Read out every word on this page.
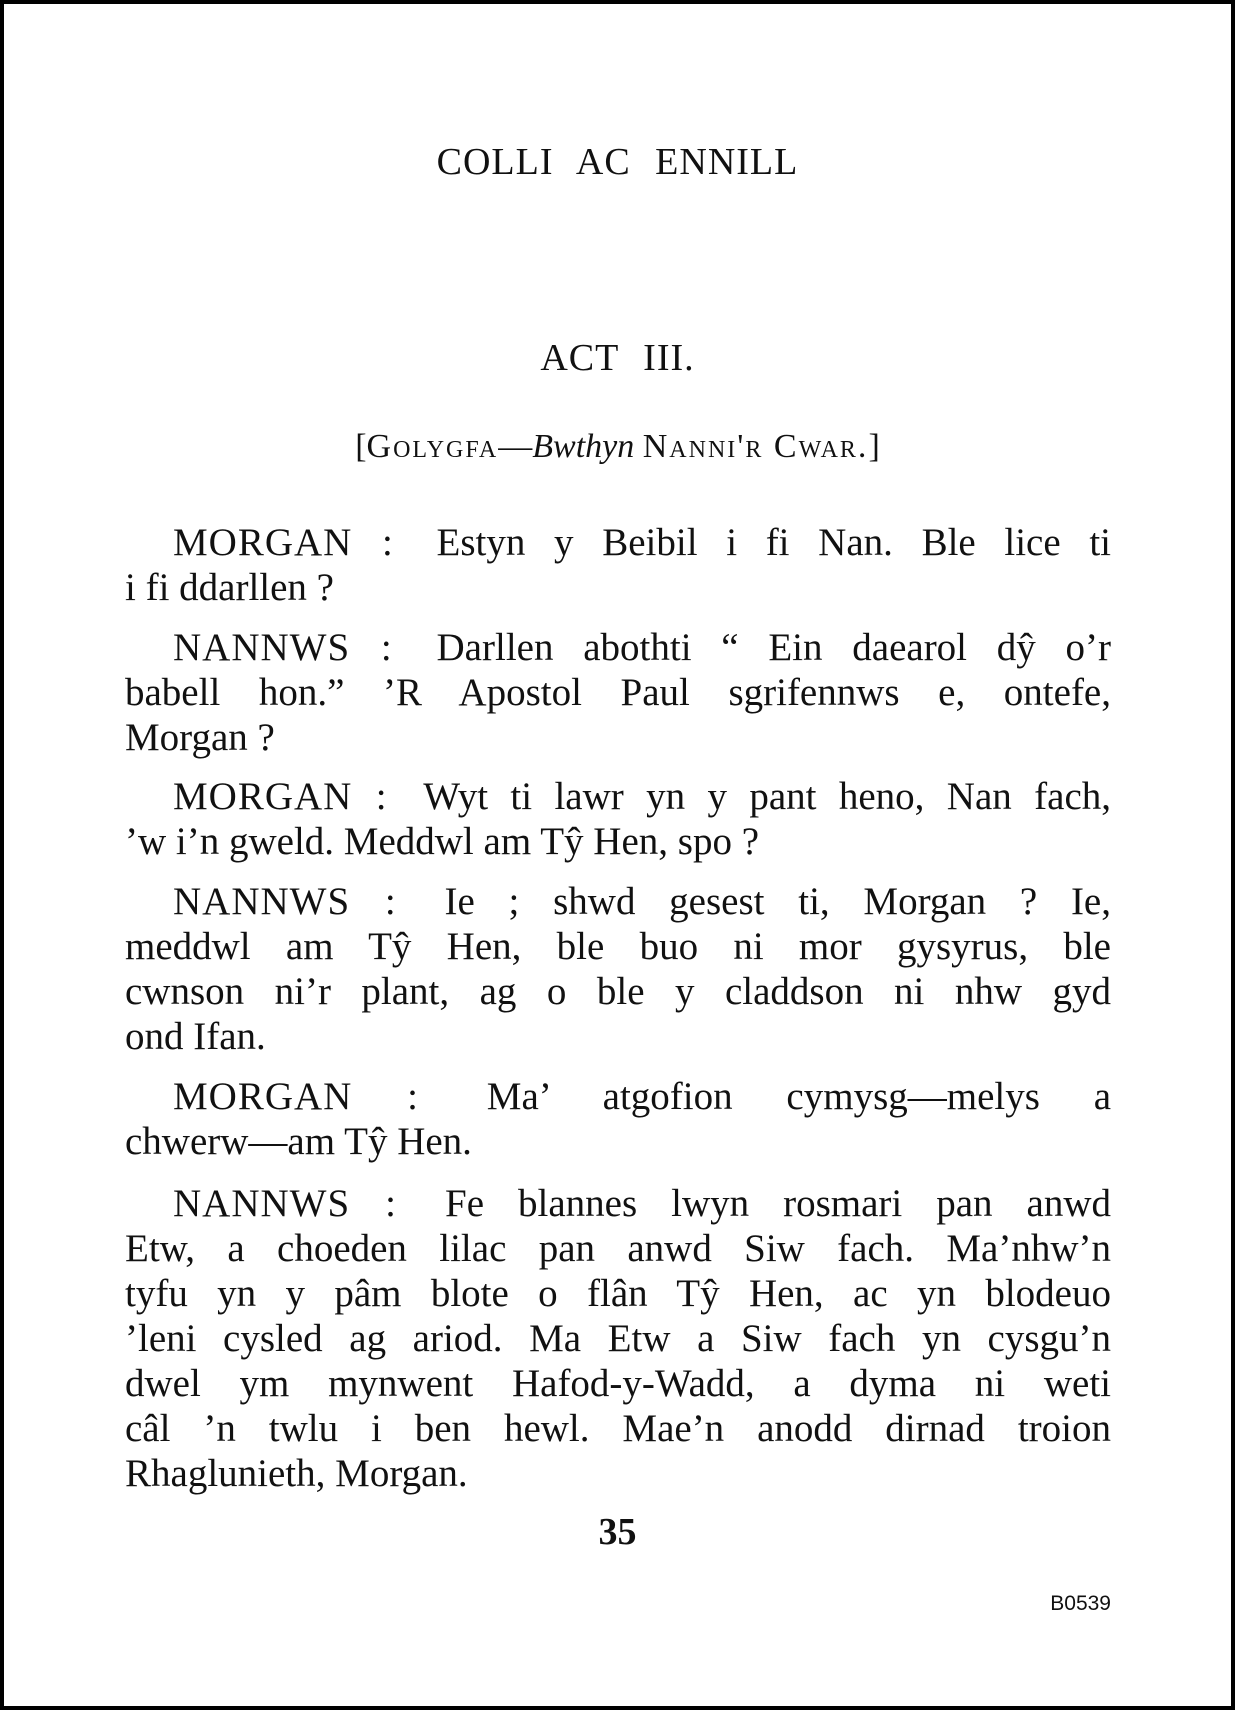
COLLI AC ENNILL
ACT III.
[Golygfa—Bwthyn Nanni'r Cwar.]
MORGAN : Estyn y Beibil i fi Nan. Ble lice ti
i fi ddarllen ?
NANNWS : Darllen abothti “ Ein daearol dŷ o’r
babell hon.” ’R Apostol Paul sgrifennws e, ontefe,
Morgan ?
MORGAN : Wyt ti lawr yn y pant heno, Nan fach,
’w i’n gweld. Meddwl am Tŷ Hen, spo ?
NANNWS : Ie ; shwd gesest ti, Morgan ? Ie,
meddwl am Tŷ Hen, ble buo ni mor gysyrus, ble
cwnson ni’r plant, ag o ble y claddson ni nhw gyd
ond Ifan.
MORGAN : Ma’ atgofion cymysg—melys a
chwerw—am Tŷ Hen.
NANNWS : Fe blannes lwyn rosmari pan anwd
Etw, a choeden lilac pan anwd Siw fach. Ma’nhw’n
tyfu yn y pâm blote o flân Tŷ Hen, ac yn blodeuo
’leni cysled ag ariod. Ma Etw a Siw fach yn cysgu’n
dwel ym mynwent Hafod-y-Wadd, a dyma ni weti
câl ’n twlu i ben hewl. Mae’n anodd dirnad troion
Rhaglunieth, Morgan.
35
B0539
